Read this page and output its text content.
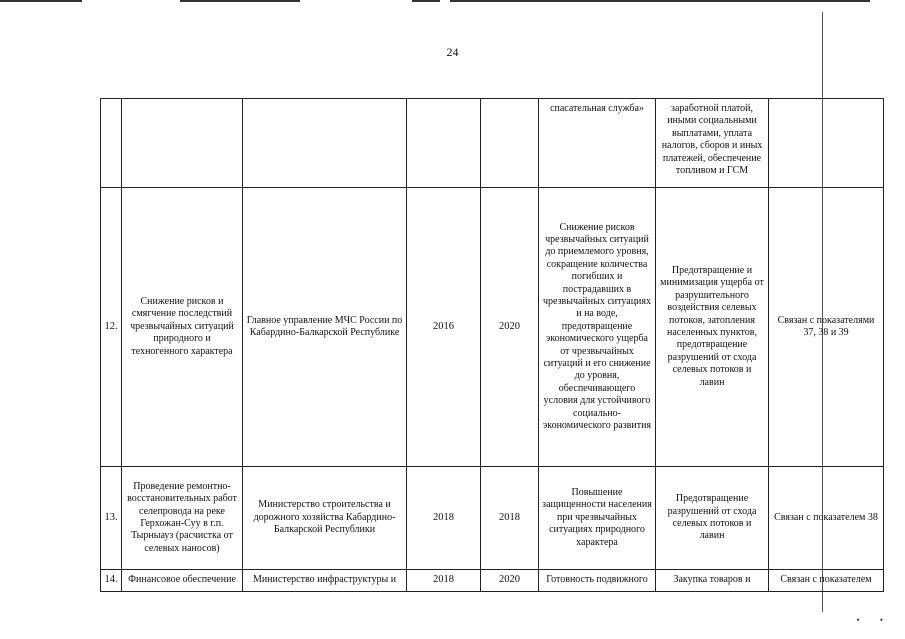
24
					спасательная служба»	заработной платой, иными социальными выплатами, уплата налогов, сборов и иных платежей, обеспечение топливом и ГСМ	
12.	Снижение рисков и смягчение последствий чрезвычайных ситуаций природного и техногенного характера	Главное управление МЧС России по Кабардино-Балкарской Республике	2016	2020	Снижение рисков чрезвычайных ситуаций до приемлемого уровня, сокращение количества погибших и пострадавших в чрезвычайных ситуациях и на воде, предотвращение экономического ущерба от чрезвычайных ситуаций и его снижение до уровня, обеспечивающего условия для устойчивого социально-экономического развития	Предотвращение и минимизация ущерба от разрушительного воздействия селевых потоков, затопления населенных пунктов, предотвращение разрушений от схода селевых потоков и лавин	Связан с показателями 37, 38 и 39
13.	Проведение ремонтно-восстановительных работ селепровода на реке Герхожан-Суу в г.п. Тырныауз (расчистка от селевых наносов)	Министерство строительства и дорожного хозяйства Кабардино-Балкарской Республики	2018	2018	Повышение защищенности населения при чрезвычайных ситуациях природного характера	Предотвращение разрушений от схода селевых потоков и лавин	Связан с показателем 38
14.	Финансовое обеспечение	Министерство инфраструктуры и	2018	2020	Готовность подвижного	Закупка товаров и	Связан с показателем
•         •
